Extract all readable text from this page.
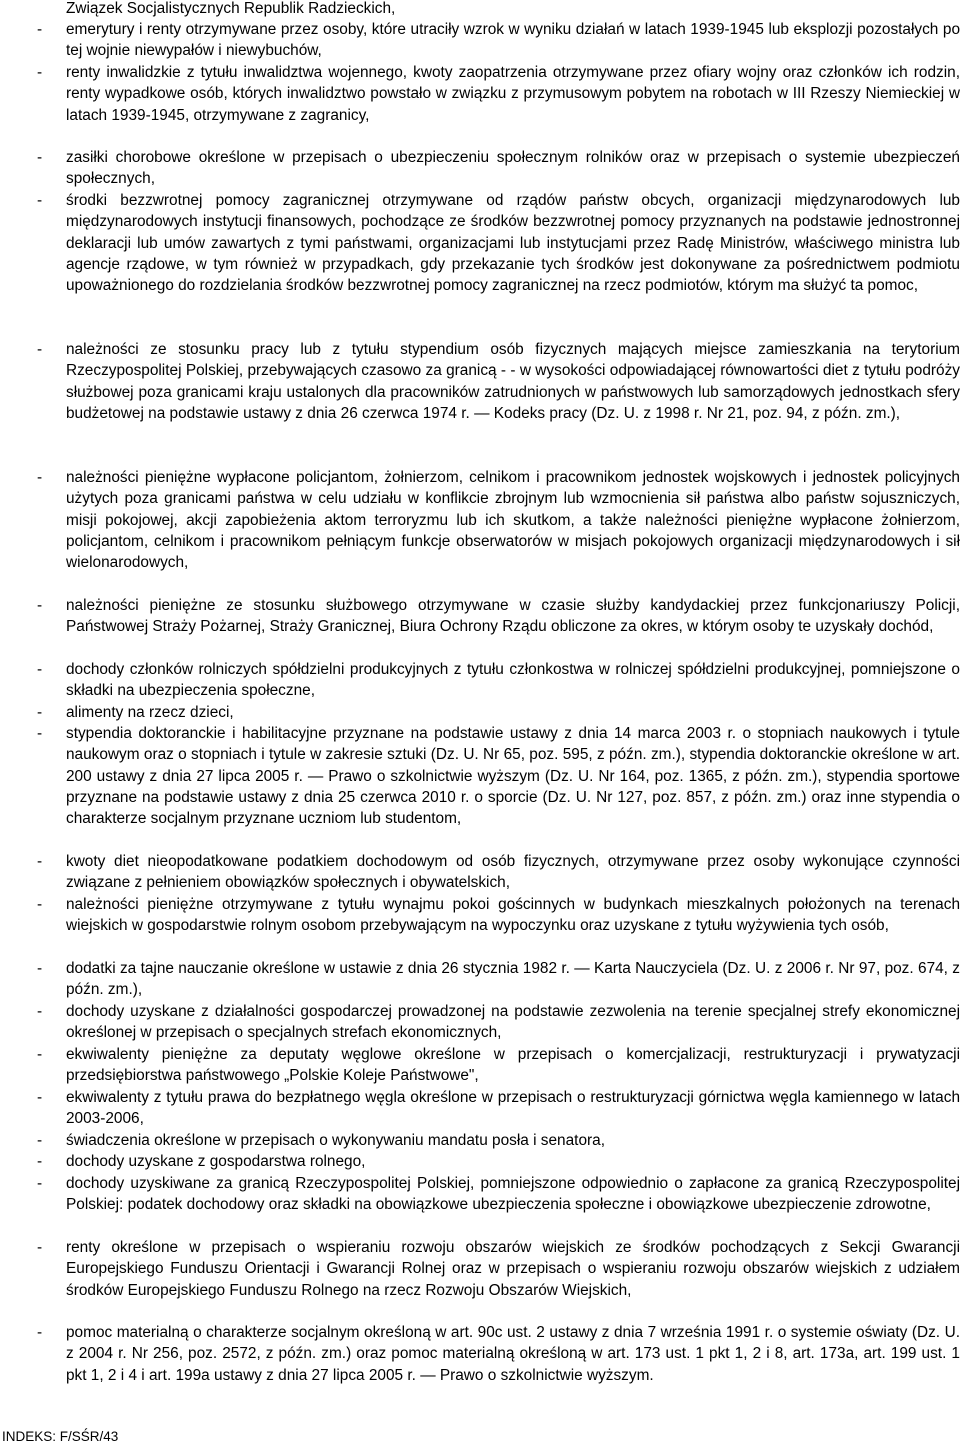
Związek Socjalistycznych Republik Radzieckich,

-	emerytury i renty otrzymywane przez osoby, które utraciły wzrok w wyniku działań w latach 1939-1945 lub eksplozji pozostałych po tej wojnie niewypałów i niewybuchów,
-	renty inwalidzkie z tytułu inwalidztwa wojennego, kwoty zaopatrzenia otrzymywane przez ofiary wojny oraz członków ich rodzin, renty wypadkowe osób, których inwalidztwo powstało w związku z przymusowym pobytem na robotach w III Rzeszy Niemieckiej w latach 1939-1945, otrzymywane z zagranicy,
-	zasiłki chorobowe określone w przepisach o ubezpieczeniu społecznym rolników oraz w przepisach o systemie ubezpieczeń społecznych,
-	środki bezzwrotnej pomocy zagranicznej otrzymywane od rządów państw obcych, organizacji międzynarodowych lub międzynarodowych instytucji finansowych, pochodzące ze środków bezzwrotnej pomocy przyznanych na podstawie jednostronnej deklaracji lub umów zawartych z tymi państwami, organizacjami lub instytucjami przez Radę Ministrów, właściwego ministra lub agencje rządowe, w tym również w przypadkach, gdy przekazanie tych środków jest dokonywane za pośrednictwem podmiotu upoważnionego do rozdzielania środków bezzwrotnej pomocy zagranicznej na rzecz podmiotów, którym ma służyć ta pomoc,
-	należności ze stosunku pracy lub z tytułu stypendium osób fizycznych mających miejsce zamieszkania na terytorium Rzeczypospolitej Polskiej, przebywających czasowo za granicą - - w wysokości odpowiadającej równowartości diet z tytułu podróży służbowej poza granicami kraju ustalonych dla pracowników zatrudnionych w państwowych lub samorządowych jednostkach sfery budżetowej na podstawie ustawy z dnia 26 czerwca 1974 r. — Kodeks pracy (Dz. U. z 1998 r. Nr 21, poz. 94, z późn. zm.),
-	należności pieniężne wypłacone policjantom, żołnierzom, celnikom i pracownikom jednostek wojskowych i jednostek policyjnych użytych poza granicami państwa w celu udziału w konflikcie zbrojnym lub wzmocnienia sił państwa albo państw sojuszniczych, misji pokojowej, akcji zapobieżenia aktom terroryzmu lub ich skutkom, a także należności pieniężne wypłacone żołnierzom, policjantom, celnikom i pracownikom pełniącym funkcje obserwatorów w misjach pokojowych organizacji międzynarodowych i sił wielonarodowych,
-	należności pieniężne ze stosunku służbowego otrzymywane w czasie służby kandydackiej przez funkcjonariuszy Policji, Państwowej Straży Pożarnej, Straży Granicznej, Biura Ochrony Rządu obliczone za okres, w którym osoby te uzyskały dochód,
-	dochody członków rolniczych spółdzielni produkcyjnych z tytułu członkostwa w rolniczej spółdzielni produkcyjnej, pomniejszone o składki na ubezpieczenia społeczne,
-	alimenty na rzecz dzieci,
-	stypendia doktoranckie i habilitacyjne przyznane na podstawie ustawy z dnia 14 marca 2003 r. o stopniach naukowych i tytule naukowym oraz o stopniach i tytule w zakresie sztuki (Dz. U. Nr 65, poz. 595, z późn. zm.), stypendia doktoranckie określone w art. 200 ustawy z dnia 27 lipca 2005 r. — Prawo o szkolnictwie wyższym (Dz. U. Nr 164, poz. 1365, z późn. zm.), stypendia sportowe przyznane na podstawie ustawy z dnia 25 czerwca 2010 r. o sporcie (Dz. U. Nr 127, poz. 857, z późn. zm.) oraz inne stypendia o charakterze socjalnym przyznane uczniom lub studentom,
-	kwoty diet nieopodatkowane podatkiem dochodowym od osób fizycznych, otrzymywane przez osoby wykonujące czynności związane z pełnieniem obowiązków społecznych i obywatelskich,
-	należności pieniężne otrzymywane z tytułu wynajmu pokoi gościnnych w budynkach mieszkalnych położonych na terenach wiejskich w gospodarstwie rolnym osobom przebywającym na wypoczynku oraz uzyskane z tytułu wyżywienia tych osób,
-	dodatki za tajne nauczanie określone w ustawie z dnia 26 stycznia 1982 r. — Karta Nauczyciela (Dz. U. z 2006 r. Nr 97, poz. 674, z późn. zm.),
-	dochody uzyskane z działalności gospodarczej prowadzonej na podstawie zezwolenia na terenie specjalnej strefy ekonomicznej określonej w przepisach o specjalnych strefach ekonomicznych,
-	ekwiwalenty pieniężne za deputaty węglowe określone w przepisach o komercjalizacji, restrukturyzacji i prywatyzacji przedsiębiorstwa państwowego „Polskie Koleje Państwowe",
-	ekwiwalenty z tytułu prawa do bezpłatnego węgla określone w przepisach o restrukturyzacji górnictwa węgla kamiennego w latach 2003-2006,
-	świadczenia określone w przepisach o wykonywaniu mandatu posła i senatora,
-	dochody uzyskane z gospodarstwa rolnego,
-	dochody uzyskiwane za granicą Rzeczypospolitej Polskiej, pomniejszone odpowiednio o zapłacone za granicą Rzeczypospolitej Polskiej: podatek dochodowy oraz składki na obowiązkowe ubezpieczenia społeczne i obowiązkowe ubezpieczenie zdrowotne,
-	renty określone w przepisach o wspieraniu rozwoju obszarów wiejskich ze środków pochodzących z Sekcji Gwarancji Europejskiego Funduszu Orientacji i Gwarancji Rolnej oraz w przepisach o wspieraniu rozwoju obszarów wiejskich z udziałem środków Europejskiego Funduszu Rolnego na rzecz Rozwoju Obszarów Wiejskich,
-	pomoc materialną o charakterze socjalnym określoną w art. 90c ust. 2 ustawy z dnia 7 września 1991 r. o systemie oświaty (Dz. U. z 2004 r. Nr 256, poz. 2572, z późn. zm.) oraz pomoc materialną określoną w art. 173 ust. 1 pkt 1, 2 i 8, art. 173a, art. 199 ust. 1 pkt 1, 2 i 4 i art. 199a ustawy z dnia 27 lipca 2005 r. — Prawo o szkolnictwie wyższym.
INDEKS: F/SŚR/43
